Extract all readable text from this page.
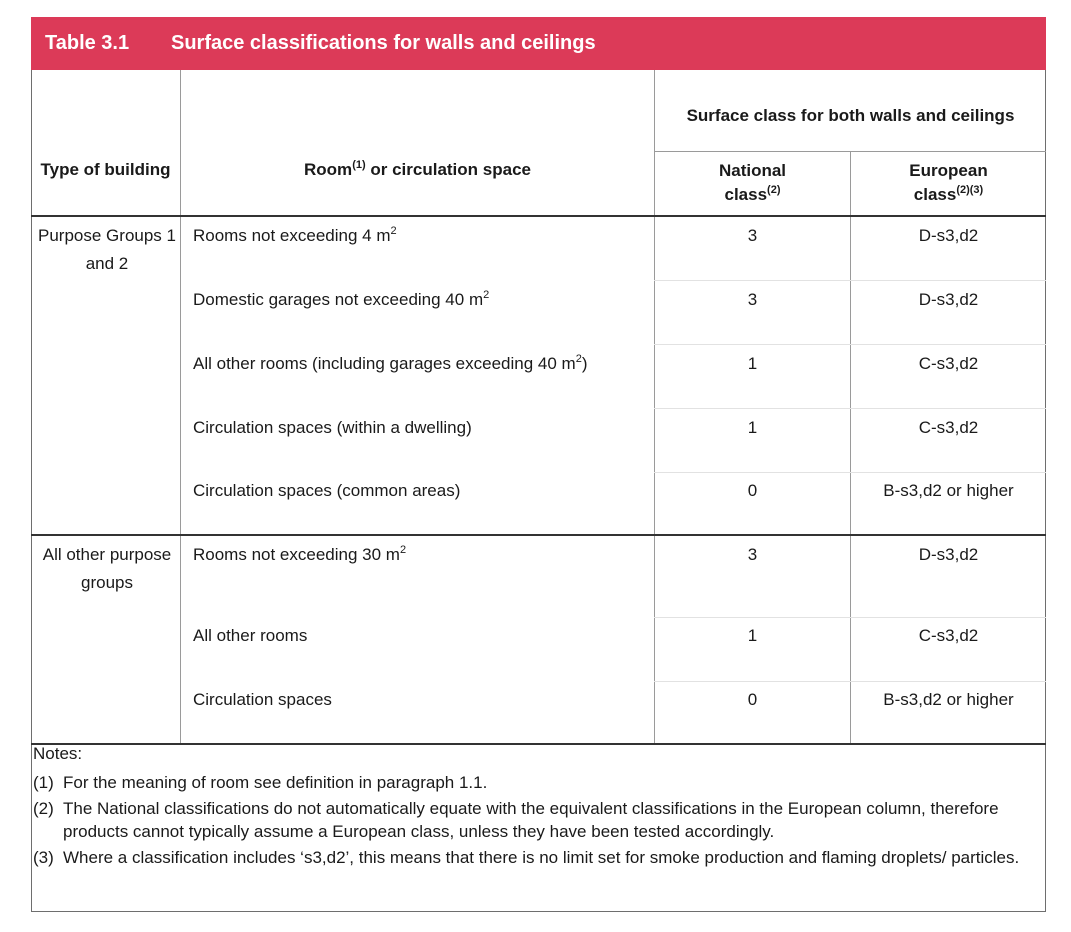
Table 3.1 Surface classifications for walls and ceilings
Type of building	Room$^{(1)}$ or circulation space
Surface class for both walls and ceilings
National
class$^{(2)}$
European
class$^{(2)(3)}$
Purpose Groups 1 and 2
Rooms not exceeding 4 $m^2$	3	D-s3,d2
Domestic garages not exceeding 40 $m^2$	3	D-s3,d2
All other rooms (including garages exceeding 40 $m^2$)	1	C-s3,d2
Circulation spaces (within a dwelling)	1	C-s3,d2
Circulation spaces (common areas)	0	B-s3,d2 or higher
All other purpose groups
Rooms not exceeding 30 $m^2$	3	D-s3,d2
All other rooms	1	C-s3,d2
Circulation spaces	0	B-s3,d2 or higher
Notes:
(1) For the meaning of room see definition in paragraph 1.1.
(2) The National classifications do not automatically equate with the equivalent classifications in the European column, therefore products cannot typically assume a European class, unless they have been tested accordingly.
(3) Where a classification includes ‘s3,d2’, this means that there is no limit set for smoke production and flaming droplets/ particles.
